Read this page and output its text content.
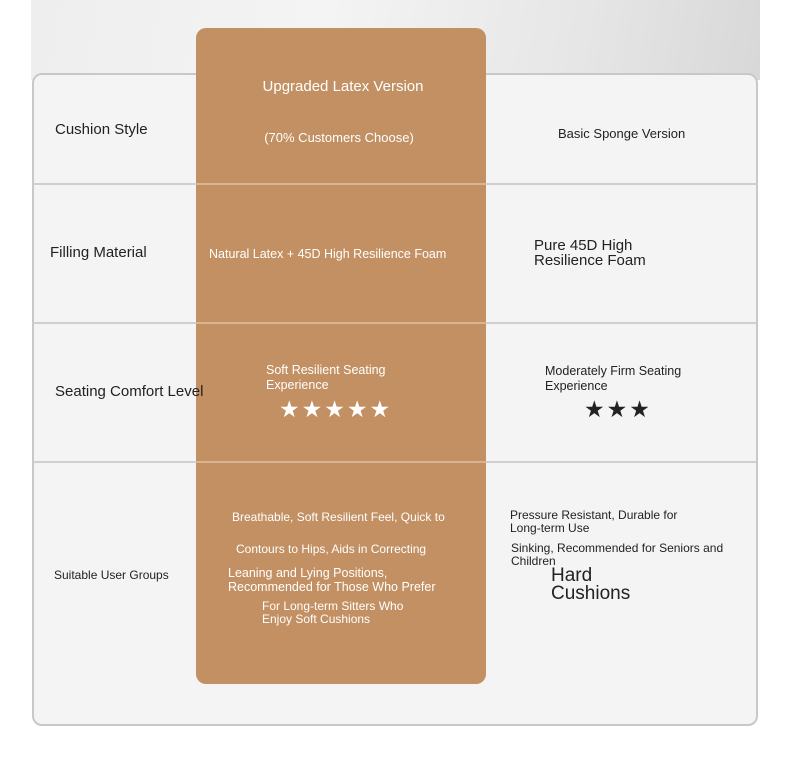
Cushion Style
Filling Material
Seating Comfort Level
Suitable User Groups
Upgraded Latex Version
(70% Customers Choose)	Basic Sponge Version
Natural Latex + 45D High Resilience Foam	Pure 45D High Resilience Foam
Soft Resilient Seating Experience
★★★★★
Moderately Firm Seating Experience
★★★
Breathable, Soft Resilient Feel, Quick to
Contours to Hips, Aids in Correcting
Leaning and Lying Positions, Recommended for Those Who Prefer
For Long-term Sitters Who Enjoy Soft Cushions
Pressure Resistant, Durable for Long-term Use
Sinking, Recommended for Seniors and Children
Hard Cushions
